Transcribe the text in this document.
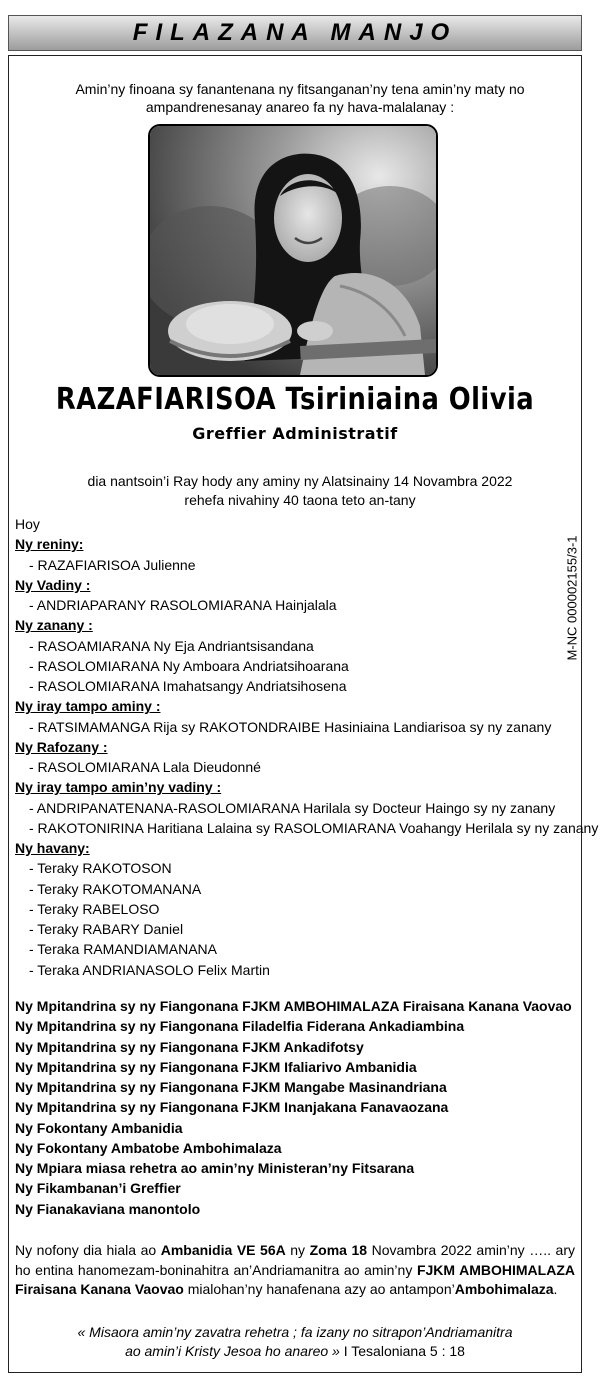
FILAZANA MANJO
Amin’ny finoana sy fanantenana ny fitsanganan’ny tena amin’ny maty no
ampandrenesanay anareo fa ny hava-malalanay :
RAZAFIARISOA Tsiriniaina Olivia
Greffier Administratif
dia nantsoin’i Ray hody any aminy ny Alatsinainy 14 Novambra 2022
rehefa nivahiny 40 taona teto an-tany
Hoy
Ny reniny:
- RAZAFIARISOA Julienne
Ny Vadiny :
- ANDRIAPARANY RASOLOMIARANA Hainjalala
Ny zanany :
- RASOAMIARANA Ny Eja Andriantsisandana
- RASOLOMIARANA Ny Amboara Andriatsihoarana
- RASOLOMIARANA Imahatsangy Andriatsihosena
Ny iray tampo aminy :
- RATSIMAMANGA Rija sy RAKOTONDRAIBE Hasiniaina Landiarisoa sy ny zanany
Ny Rafozany :
- RASOLOMIARANA Lala Dieudonné
Ny iray tampo amin’ny vadiny :
- ANDRIPANATENANA-RASOLOMIARANA Harilala sy Docteur Haingo sy ny zanany
- RAKOTONIRINA Haritiana Lalaina sy RASOLOMIARANA Voahangy Herilala sy ny zanany
Ny havany:
- Teraky RAKOTOSON
- Teraky RAKOTOMANANA
- Teraky RABELOSO
- Teraky RABARY Daniel
- Teraka RAMANDIAMANANA
- Teraka ANDRIANASOLO Felix Martin
M-NC 000002155/3-1
Ny Mpitandrina sy ny Fiangonana FJKM AMBOHIMALAZA Firaisana Kanana Vaovao
Ny Mpitandrina sy ny Fiangonana Filadelfia Fiderana Ankadiambina
Ny Mpitandrina sy ny Fiangonana FJKM Ankadifotsy
Ny Mpitandrina sy ny Fiangonana FJKM Ifaliarivo Ambanidia
Ny Mpitandrina sy ny Fiangonana FJKM Mangabe Masinandriana
Ny Mpitandrina sy ny Fiangonana FJKM Inanjakana Fanavaozana
Ny Fokontany Ambanidia
Ny Fokontany Ambatobe Ambohimalaza
Ny Mpiara miasa rehetra ao amin’ny Ministeran’ny Fitsarana
Ny Fikambanan’i Greffier
Ny Fianakaviana manontolo
Ny nofony dia hiala ao Ambanidia VE 56A ny Zoma 18 Novambra 2022 amin’ny ….. ary ho entina hanomezam-boninahitra an’Andriamanitra ao amin’ny FJKM AMBOHIMALAZA Firaisana Kanana Vaovao mialohan’ny hanafenana azy ao antampon’Ambohimalaza.
« Misaora amin’ny zavatra rehetra ; fa izany no sitrapon’Andriamanitra
ao amin’i Kristy Jesoa ho anareo » I Tesaloniana 5 : 18
